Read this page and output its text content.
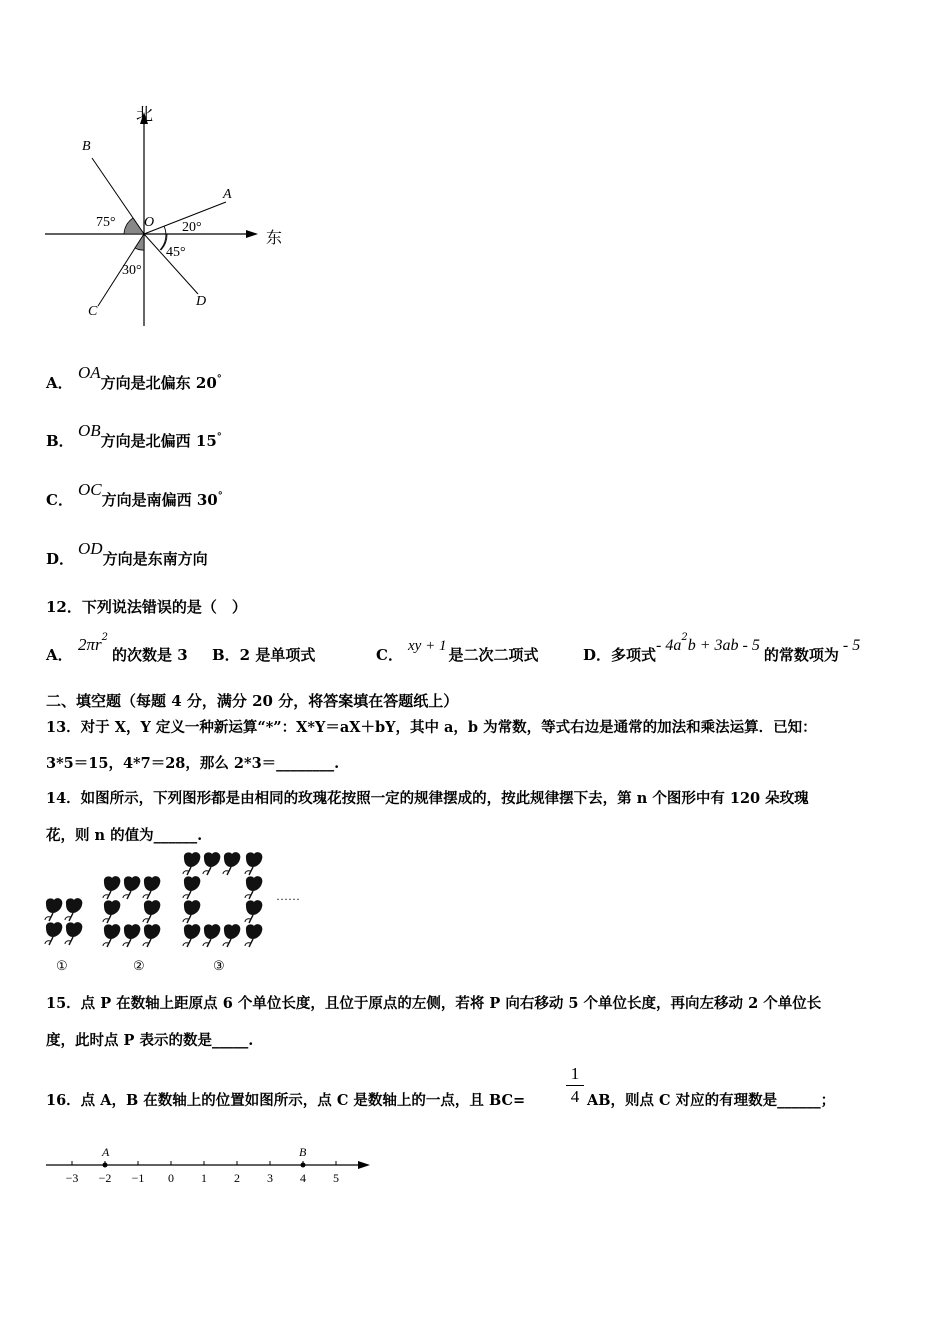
北
东
B
A
C
D
O
75°	20°
45°
30°
A．OA方向是北偏东 20°
B．OB方向是北偏西 15°
C．OC方向是南偏西 30°
D．OD方向是东南方向
12．下列说法错误的是（　）
A．$2\pi r^2$的次数是 3 B．2 是单项式	C． xy + 1 是二次二项式	D．多项式- $4a^2b + 3ab - 5$的常数项为- 5
二、填空题（每题 4 分，满分 20 分，将答案填在答题纸上）
13．对于 X，Y 定义一种新运算“*”：X*Y＝aX＋bY，其中 a，b 为常数，等式右边是通常的加法和乘法运算．已知：
3*5＝15，4*7＝28，那么 2*3＝________.
14．如图所示，下列图形都是由相同的玫瑰花按照一定的规律摆成的，按此规律摆下去，第 n 个图形中有 120 朵玫瑰
花，则 n 的值为______.
……
①	②	③
15．点 P 在数轴上距原点 6 个单位长度，且位于原点的左侧，若将 P 向右移动 5 个单位长度，再向左移动 2 个单位长
度，此时点 P 表示的数是_____.
16．点 A，B 在数轴上的位置如图所示，点 C 是数轴上的一点，且 BC=
1
4 AB，则点 C 对应的有理数是______；
−3 −2 −1 0 1 2 3 4 5
A	B
